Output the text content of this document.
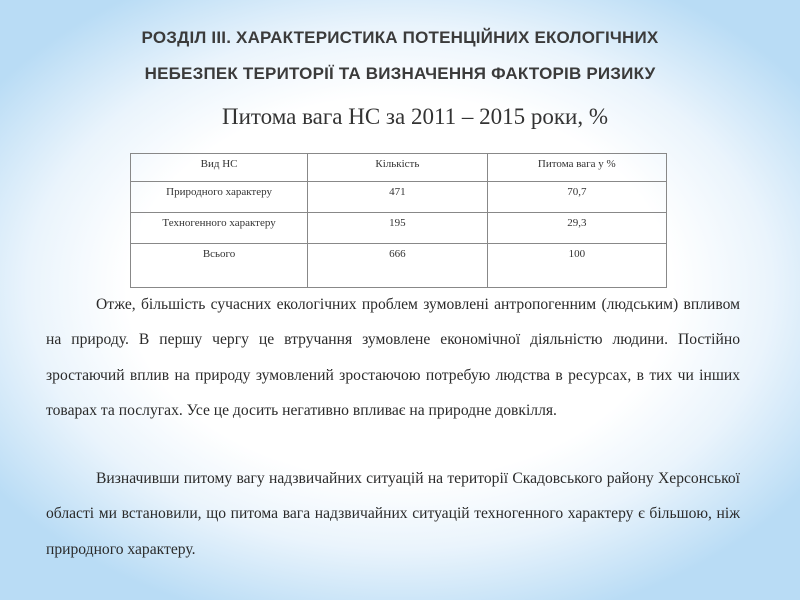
РОЗДІЛ ІІІ. ХАРАКТЕРИСТИКА ПОТЕНЦІЙНИХ ЕКОЛОГІЧНИХ
НЕБЕЗПЕК ТЕРИТОРІЇ ТА ВИЗНАЧЕННЯ ФАКТОРІВ РИЗИКУ
Питома вага НС за 2011 – 2015 роки, %
Вид НС	Кількість	Питома вага у %
Природного характеру	471	70,7
Техногенного характеру	195	29,3
Всього	666	100

Отже, більшість сучасних екологічних проблем зумовлені антропогенним (людським) впливом на природу. В першу чергу це втручання зумовлене економічної діяльністю людини. Постійно зростаючий вплив на природу зумовлений зростаючою потребую людства в ресурсах, в тих чи інших товарах та послугах. Усе це досить негативно впливає на природне довкілля.

Визначивши питому вагу надзвичайних ситуацій на території Скадовського району Херсонської області ми встановили, що питома вага надзвичайних ситуацій техногенного характеру є більшою, ніж природного характеру.
